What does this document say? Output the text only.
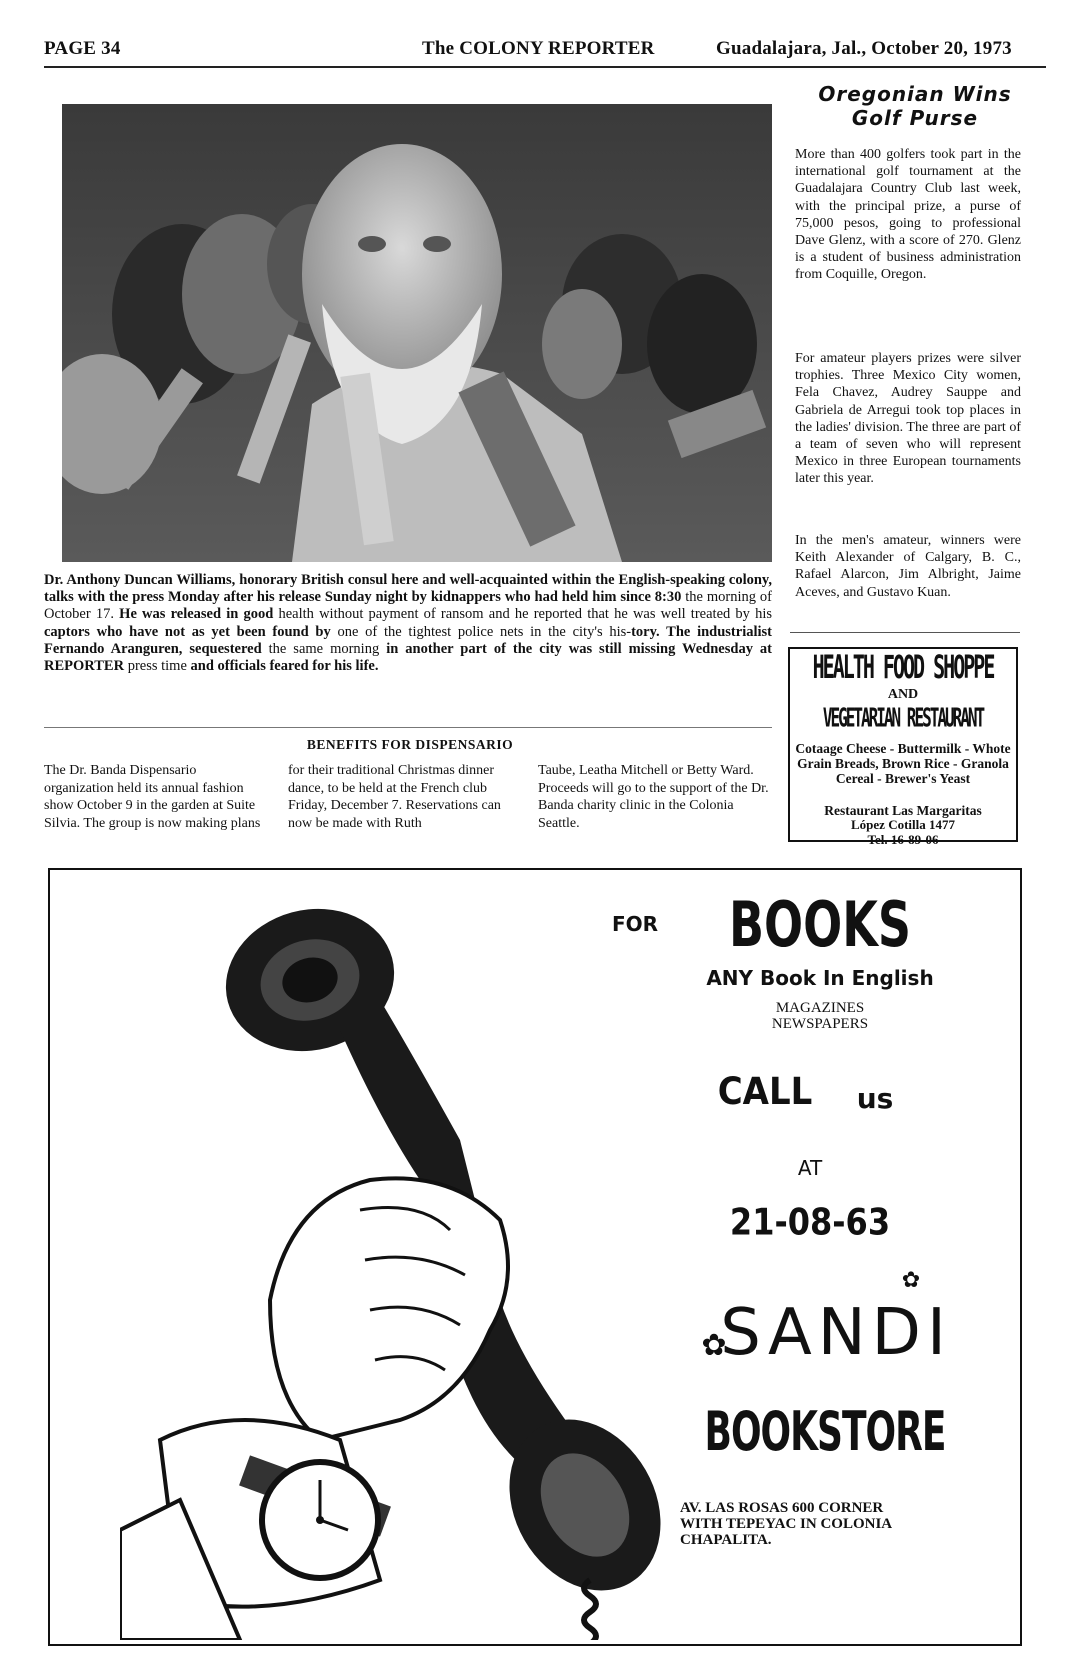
PAGE 34	The COLONY REPORTER	Guadalajara, Jal., October 20, 1973
Dr. Anthony Duncan Williams, honorary British consul here and well-acquainted within the English-speaking colony, talks with the press Monday after his release Sunday night by kidnappers who had held him since 8:30 the morning of October 17. He was released in good health without payment of ransom and he reported that he was well treated by his captors who have not as yet been found by one of the tightest police nets in the city's his-tory. The industrialist Fernando Aranguren, sequestered the same morning in another part of the city was still missing Wednesday at REPORTER press time and officials feared for his life.
BENEFITS FOR DISPENSARIO
The Dr. Banda Dispensario organization held its annual fashion show October 9 in the garden at Suite Silvia. The group is now making plans
for their traditional Christmas dinner dance, to be held at the French club Friday, December 7. Reservations can now be made with Ruth
Taube, Leatha Mitchell or Betty Ward. Proceeds will go to the support of the Dr. Banda charity clinic in the Colonia Seattle.
Oregonian Wins
Golf Purse

More than 400 golfers took part in the international golf tournament at the Guadalajara Country Club last week, with the principal prize, a purse of 75,000 pesos, going to professional Dave Glenz, with a score of 270. Glenz is a student of business administration from Coquille, Oregon.

For amateur players prizes were silver trophies. Three Mexico City women, Fela Chavez, Audrey Sauppe and Gabriela de Arregui took top places in the ladies' division. The three are part of a team of seven who will represent Mexico in three European tournaments later this year.

In the men's amateur, winners were Keith Alexander of Calgary, B. C., Rafael Alarcon, Jim Albright, Jaime Aceves, and Gustavo Kuan.

HEALTH FOOD SHOPPE
AND
VEGETARIAN RESTAURANT
Cotaage Cheese - Buttermilk - Whote Grain Breads, Brown Rice - Granola Cereal - Brewer's Yeast
Restaurant Las Margaritas
López Cotilla 1477
Tel. 16-89-06
FOR	BOOKS
ANY Book In English
MAGAZINES
NEWSPAPERS
CALL	us
AT
21-08-63
✿
SANDI
✿
BOOKSTORE
AV. LAS ROSAS 600 CORNER
WITH TEPEYAC IN COLONIA
CHAPALITA.
